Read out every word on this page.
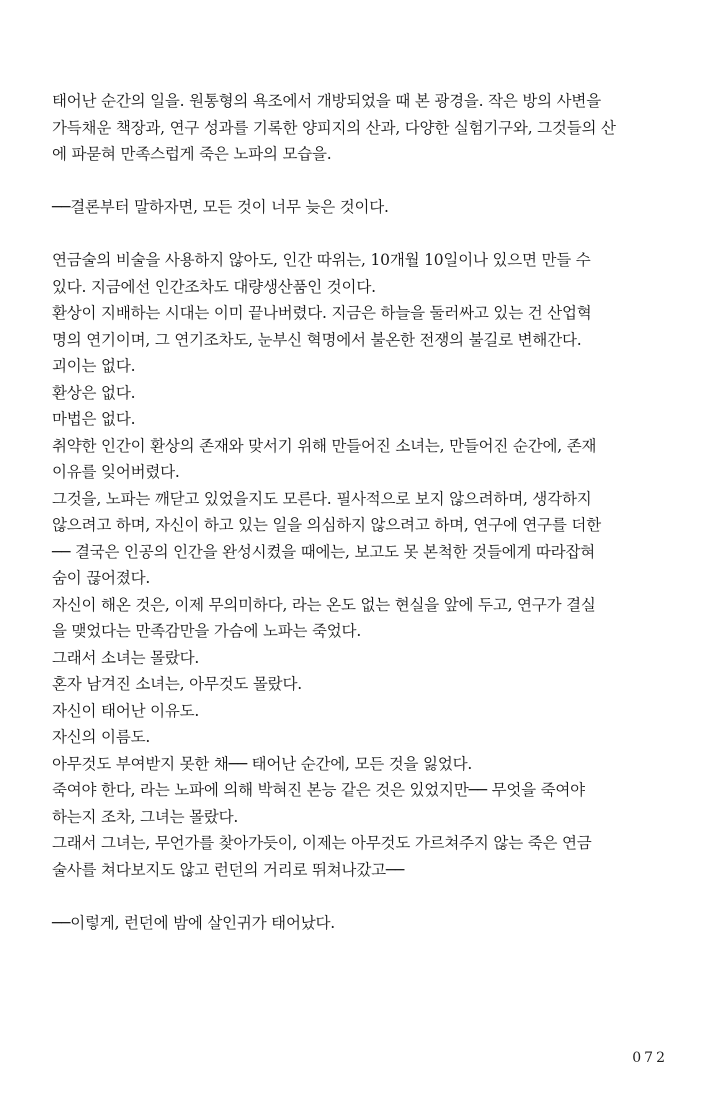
태어난 순간의 일을. 원통형의 욕조에서 개방되었을 때 본 광경을. 작은 방의 사변을
가득채운 책장과, 연구 성과를 기록한 양피지의 산과, 다양한 실험기구와, 그것들의 산
에 파묻혀 만족스럽게 죽은 노파의 모습을.
──결론부터 말하자면, 모든 것이 너무 늦은 것이다.
연금술의 비술을 사용하지 않아도, 인간 따위는, 10개월 10일이나 있으면 만들 수
있다. 지금에선 인간조차도 대량생산품인 것이다.
환상이 지배하는 시대는 이미 끝나버렸다. 지금은 하늘을 둘러싸고 있는 건 산업혁
명의 연기이며, 그 연기조차도, 눈부신 혁명에서 불온한 전쟁의 불길로 변해간다.
괴이는 없다.
환상은 없다.
마법은 없다.
취약한 인간이 환상의 존재와 맞서기 위해 만들어진 소녀는, 만들어진 순간에, 존재
이유를 잊어버렸다.
그것을, 노파는 깨닫고 있었을지도 모른다. 필사적으로 보지 않으려하며, 생각하지
않으려고 하며, 자신이 하고 있는 일을 의심하지 않으려고 하며, 연구에 연구를 더한
── 결국은 인공의 인간을 완성시켰을 때에는, 보고도 못 본척한 것들에게 따라잡혀
숨이 끊어졌다.
자신이 해온 것은, 이제 무의미하다, 라는 온도 없는 현실을 앞에 두고, 연구가 결실
을 맺었다는 만족감만을 가슴에 노파는 죽었다.
그래서 소녀는 몰랐다.
혼자 남겨진 소녀는, 아무것도 몰랐다.
자신이 태어난 이유도.
자신의 이름도.
아무것도 부여받지 못한 채── 태어난 순간에, 모든 것을 잃었다.
죽여야 한다, 라는 노파에 의해 박혀진 본능 같은 것은 있었지만── 무엇을 죽여야
하는지 조차, 그녀는 몰랐다.
그래서 그녀는, 무언가를 찾아가듯이, 이제는 아무것도 가르쳐주지 않는 죽은 연금
술사를 쳐다보지도 않고 런던의 거리로 뛰쳐나갔고──
──이렇게, 런던에 밤에 살인귀가 태어났다.
072
